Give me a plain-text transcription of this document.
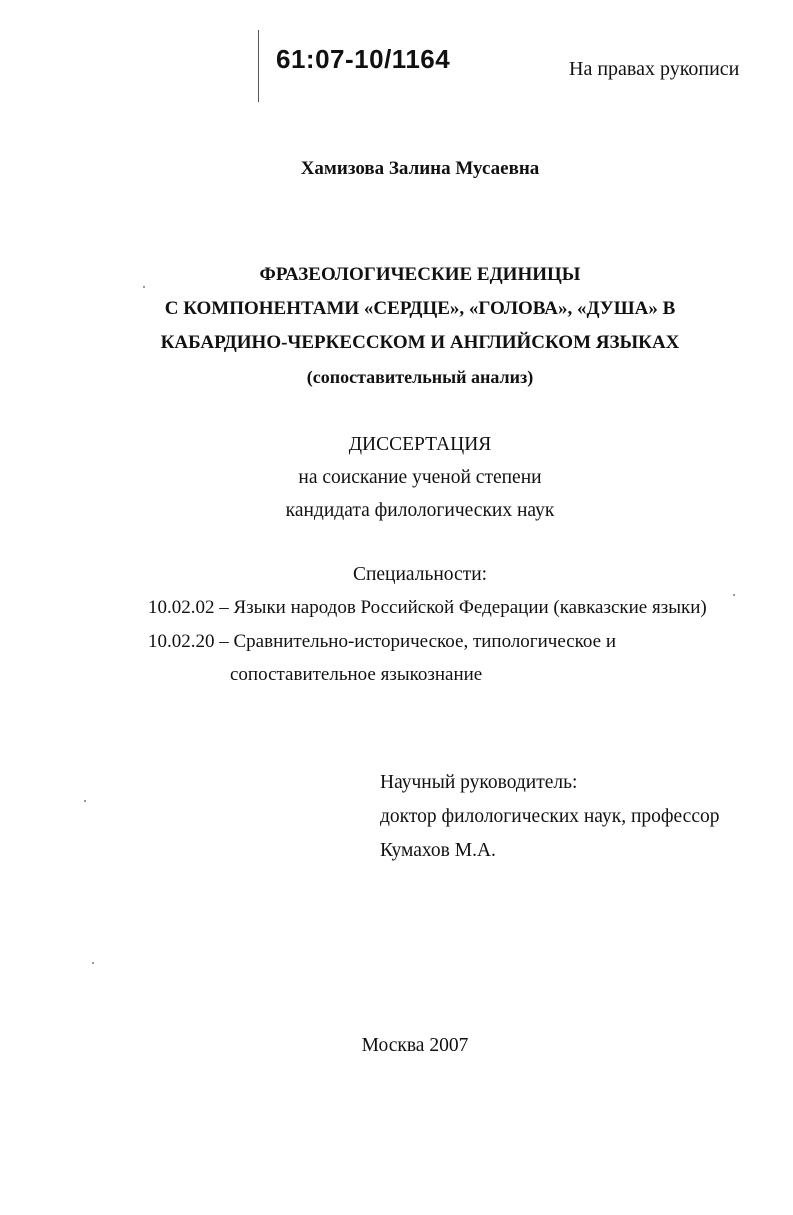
61:07-10/1164	На правах рукописи
Хамизова Залина Мусаевна
ФРАЗЕОЛОГИЧЕСКИЕ ЕДИНИЦЫ
С КОМПОНЕНТАМИ «СЕРДЦЕ», «ГОЛОВА», «ДУША» В
КАБАРДИНО-ЧЕРКЕССКОМ И АНГЛИЙСКОМ ЯЗЫКАХ
(сопоставительный анализ)
ДИССЕРТАЦИЯ
на соискание ученой степени
кандидата филологических наук
Специальности:
10.02.02 – Языки народов Российской Федерации (кавказские языки)
10.02.20 – Сравнительно-историческое, типологическое и
сопоставительное языкознание
Научный руководитель:
доктор филологических наук, профессор
Кумахов М.А.
Москва 2007
